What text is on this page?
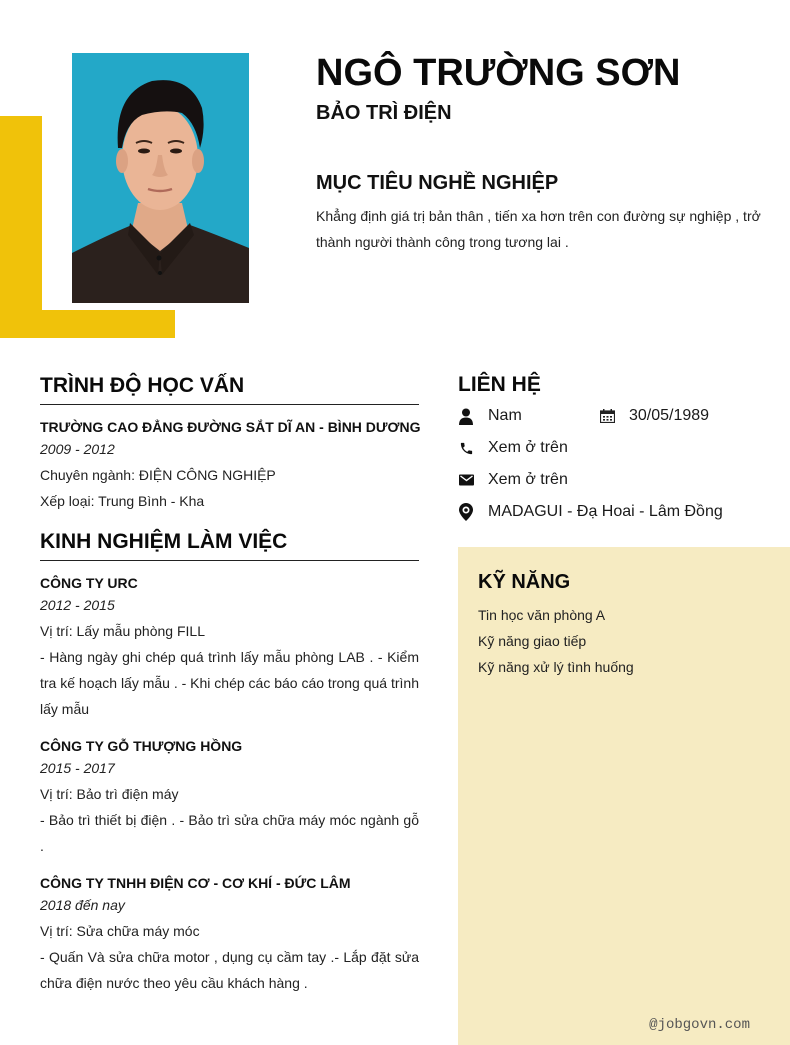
NGÔ TRƯỜNG SƠN
BẢO TRÌ ĐIỆN
MỤC TIÊU NGHỀ NGHIỆP
Khẳng định giá trị bản thân , tiến xa hơn trên con đường sự nghiệp , trở thành người thành công trong tương lai .
TRÌNH ĐỘ HỌC VẤN
TRƯỜNG CAO ĐẲNG ĐƯỜNG SẮT DĨ AN - BÌNH DƯƠNG
2009 - 2012
Chuyên ngành: ĐIỆN CÔNG NGHIỆP
Xếp loại: Trung Bình - Kha
KINH NGHIỆM LÀM VIỆC
CÔNG TY URC
2012 - 2015
Vị trí: Lấy mẫu phòng FILL
- Hàng ngày ghi chép quá trình lấy mẫu phòng LAB . - Kiểm tra kế hoạch lấy mẫu . - Khi chép các báo cáo trong quá trình lấy mẫu
CÔNG TY GỖ THƯỢNG HỒNG
2015 - 2017
Vị trí: Bảo trì điện máy
- Bảo trì thiết bị điện . - Bảo trì sửa chữa máy móc ngành gỗ .
CÔNG TY TNHH ĐIỆN CƠ - CƠ KHÍ - ĐỨC LÂM
2018 đến nay
Vị trí: Sửa chữa máy móc
- Quấn Và sửa chữa motor , dụng cụ cầm tay .- Lắp đặt sửa chữa điện nước theo yêu cầu khách hàng .
LIÊN HỆ
Nam	30/05/1989
Xem ở trên
Xem ở trên
MADAGUI - Đạ Hoai - Lâm Đồng
KỸ NĂNG
Tin học văn phòng A
Kỹ năng giao tiếp
Kỹ năng xử lý tình huống
@jobgovn.com
